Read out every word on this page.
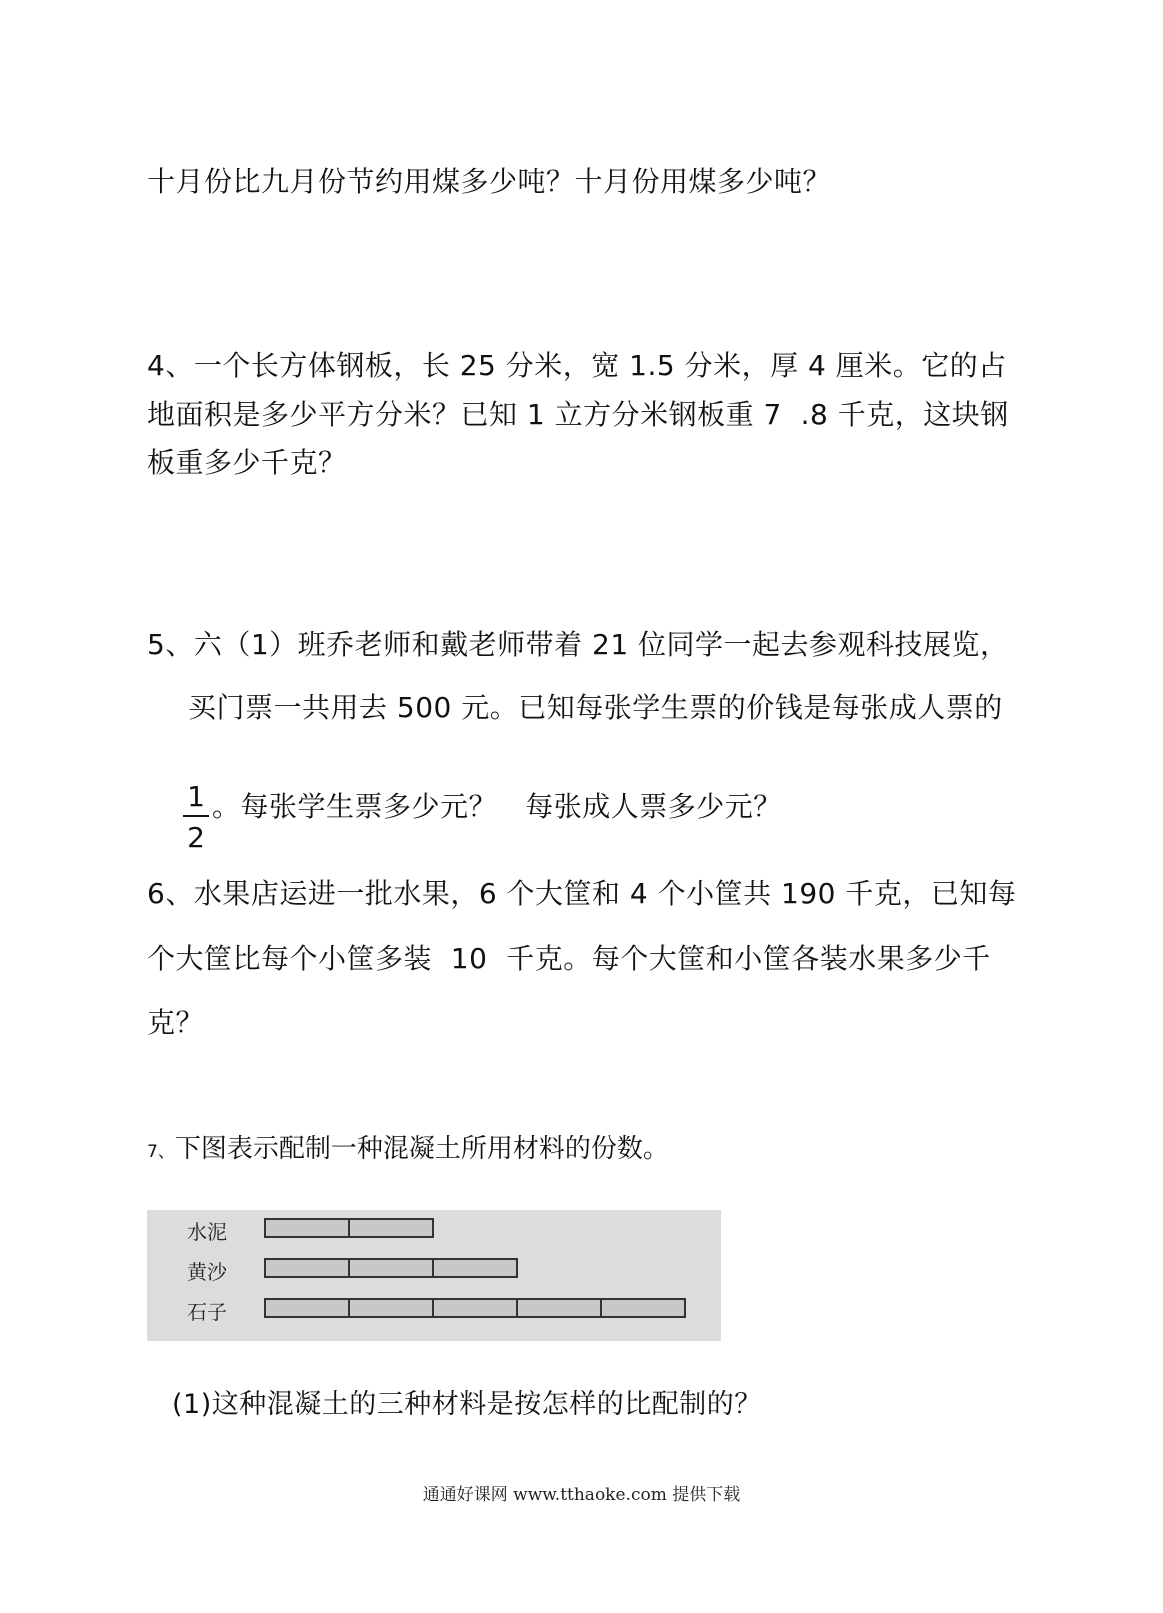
十月份比九月份节约用煤多少吨？十月份用煤多少吨？
4、一个长方体钢板，长 25 分米，宽 1.5 分米，厚 4 厘米。它的占
地面积是多少平方分米？已知 1 立方分米钢板重 7  .8 千克，这块钢
板重多少千克？
5、六（1）班乔老师和戴老师带着 21 位同学一起去参观科技展览，
买门票一共用去 500 元。已知每张学生票的价钱是每张成人票的
1
2
。每张学生票多少元？   每张成人票多少元？
6、水果店运进一批水果，6 个大筐和 4 个小筐共 190 千克，已知每
个大筐比每个小筐多装  10  千克。每个大筐和小筐各装水果多少千
克？
7、下图表示配制一种混凝土所用材料的份数。
水泥
黄沙
石子
(1)这种混凝土的三种材料是按怎样的比配制的？
通通好课网 www.tthaoke.com 提供下载
